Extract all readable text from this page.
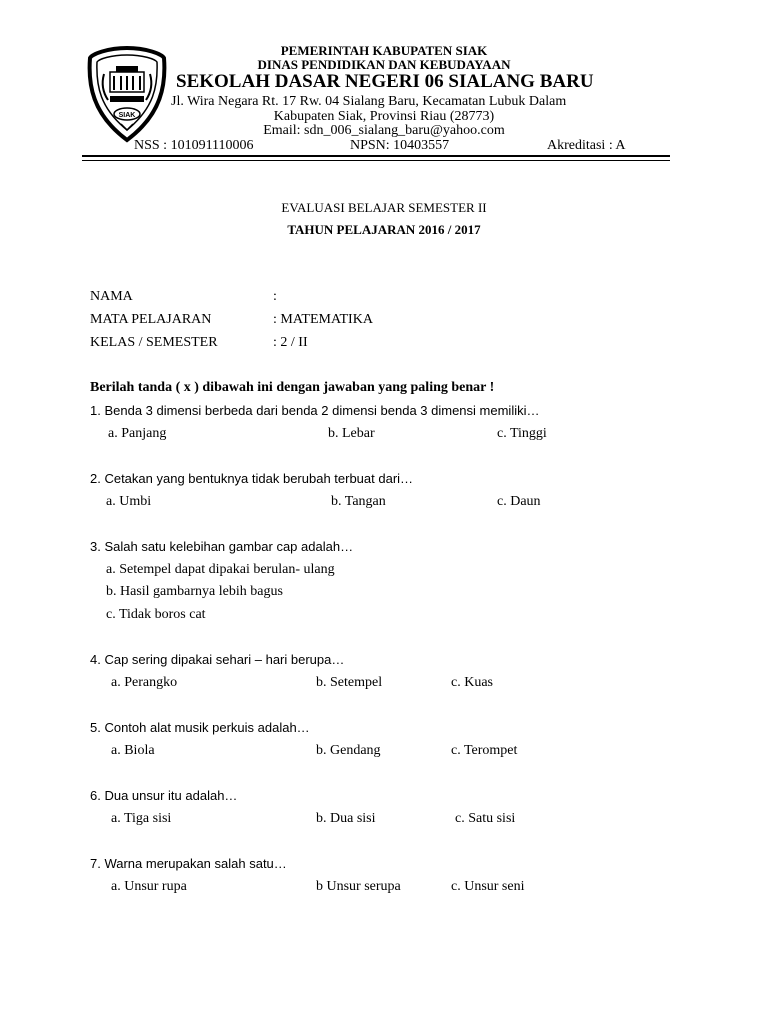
SIAK
PEMERINTAH KABUPATEN SIAK
DINAS PENDIDIKAN DAN KEBUDAYAAN
SEKOLAH DASAR NEGERI 06 SIALANG BARU
Jl. Wira Negara Rt. 17 Rw. 04 Sialang Baru, Kecamatan Lubuk Dalam
Kabupaten Siak, Provinsi Riau (28773)
Email: sdn_006_sialang_baru@yahoo.com
NSS : 101091110006	NPSN: 10403557	Akreditasi : A
EVALUASI BELAJAR SEMESTER II
TAHUN PELAJARAN 2016 / 2017
NAMA	:
MATA PELAJARAN	: MATEMATIKA
KELAS / SEMESTER	: 2 / II
Berilah tanda ( x ) dibawah ini dengan jawaban yang paling benar !
1. Benda 3 dimensi berbeda dari benda 2 dimensi benda 3 dimensi memiliki…
a. Panjang	b. Lebar	c. Tinggi
2. Cetakan yang bentuknya tidak berubah terbuat dari…
a. Umbi	b. Tangan	c. Daun
3. Salah satu kelebihan gambar cap adalah…
a. Setempel dapat dipakai berulan- ulang
b. Hasil gambarnya lebih bagus
c. Tidak boros cat
4. Cap sering dipakai sehari – hari berupa…
a. Perangko	b. Setempel	c. Kuas
5. Contoh alat musik perkuis adalah…
a. Biola	b. Gendang	c. Terompet
6. Dua unsur itu adalah…
a. Tiga sisi	b. Dua sisi	c. Satu sisi
7. Warna merupakan salah satu…
a. Unsur rupa	b Unsur serupa	c. Unsur seni
